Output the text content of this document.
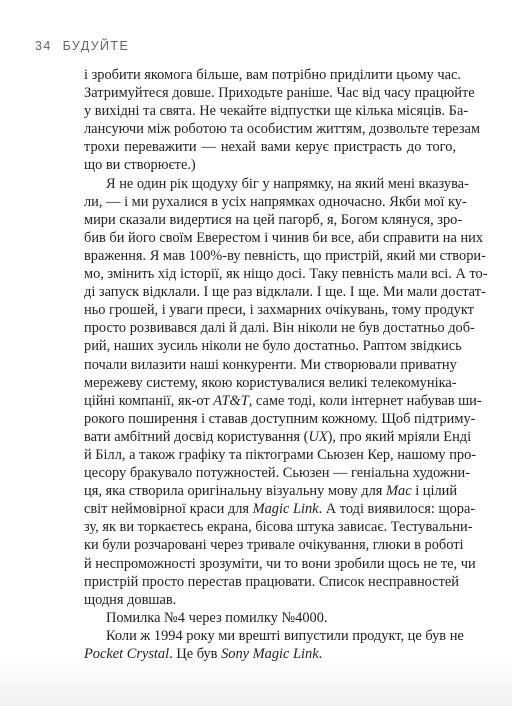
34 БУДУЙТЕ
і зробити якомога більше, вам потрібно приділити цьому час.
Затримуйтеся довше. Приходьте раніше. Час від часу працюйте
у вихідні та свята. Не чекайте відпустки ще кілька місяців. Ба-
лансуючи між роботою та особистим життям, дозвольте терезам
трохи переважити — нехай вами керує пристрасть до того,
що ви створюєте.)
Я не один рік щодуху біг у напрямку, на який мені вказува-
ли, — і ми рухалися в усіх напрямках одночасно. Якби мої ку-
мири сказали видертися на цей пагорб, я, Богом клянуся, зро-
бив би його своїм Еверестом і чинив би все, аби справити на них
враження. Я мав 100%-ву певність, що пристрій, який ми створи-
мо, змінить хід історії, як ніщо досі. Таку певність мали всі. А то-
ді запуск відклали. І ще раз відклали. І ще. І ще. Ми мали достат-
ньо грошей, і уваги преси, і захмарних очікувань, тому продукт
просто розвивався далі й далі. Він ніколи не був достатньо доб-
рий, наших зусиль ніколи не було достатньо. Раптом звідкись
почали вилазити наші конкуренти. Ми створювали приватну
мережеву систему, якою користувалися великі телекомуніка-
ційні компанії, як-от AT&T, саме тоді, коли інтернет набував ши-
рокого поширення і ставав доступним кожному. Щоб підтриму-
вати амбітний досвід користування (UX), про який мріяли Енді
й Білл, а також графіку та піктограми Сьюзен Кер, нашому про-
цесору бракувало потужностей. Сьюзен — геніальна художни-
ця, яка створила оригінальну візуальну мову для Mac і цілий
світ неймовірної краси для Magic Link. А тоді виявилося: щора-
зу, як ви торкаєтесь екрана, бісова штука зависає. Тестувальни-
ки були розчаровані через тривале очікування, глюки в роботі
й неспроможності зрозуміти, чи то вони зробили щось не те, чи
пристрій просто перестав працювати. Список несправностей
щодня довшав.
Помилка №4 через помилку №4000.
Коли ж 1994 року ми врешті випустили продукт, це був не
Pocket Crystal. Це був Sony Magic Link.
